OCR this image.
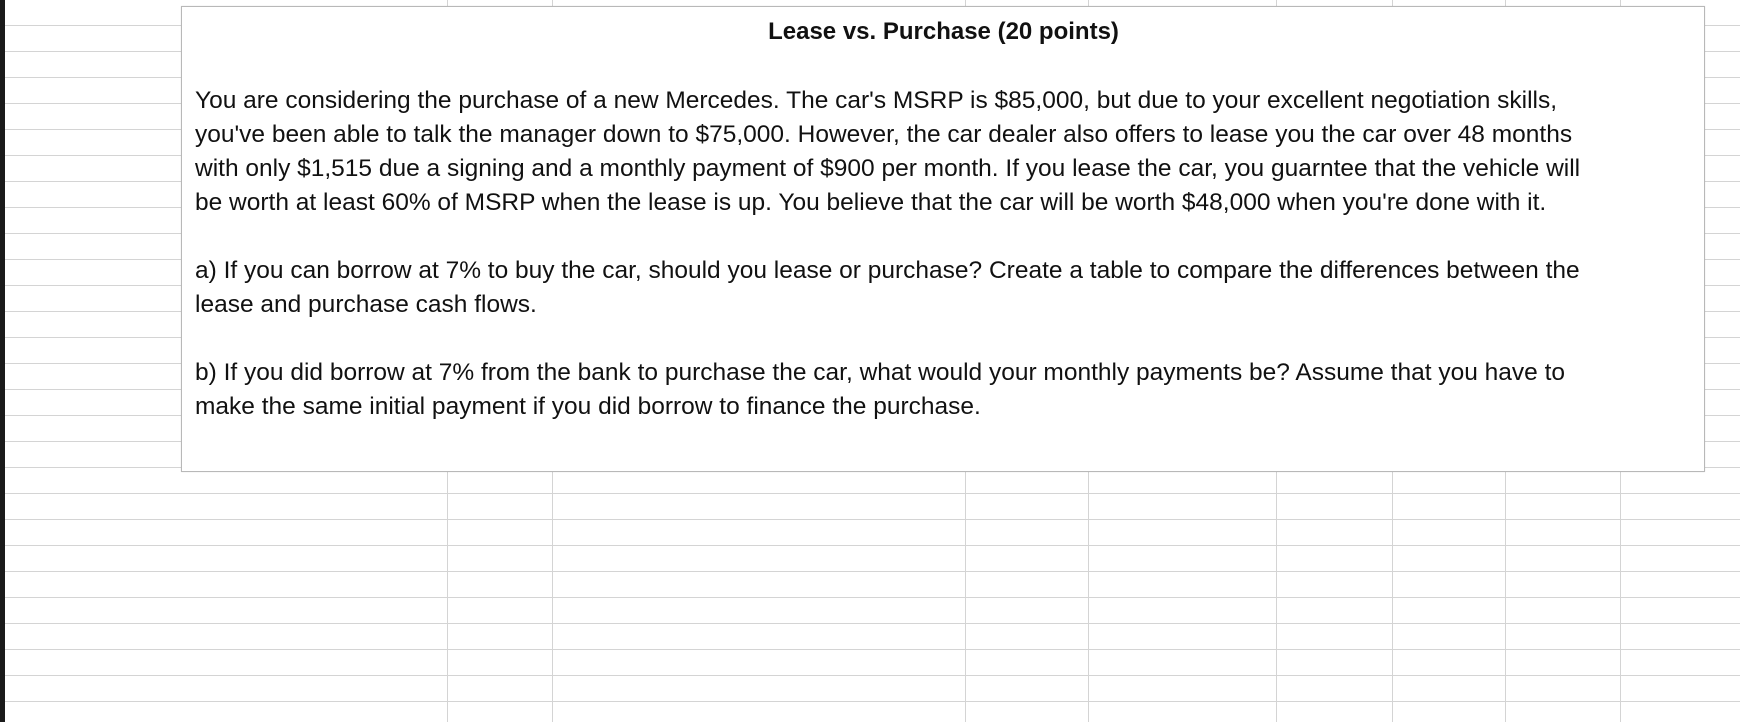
Lease vs. Purchase (20 points)

You are considering the purchase of a new Mercedes. The car's MSRP is $85,000, but due to your excellent negotiation skills,
you've been able to talk the manager down to $75,000. However, the car dealer also offers to lease you the car over 48 months
with only $1,515 due a signing and a monthly payment of $900 per month. If you lease the car, you guarntee that the vehicle will
be worth at least 60% of MSRP when the lease is up. You believe that the car will be worth $48,000 when you're done with it.

a) If you can borrow at 7% to buy the car, should you lease or purchase? Create a table to compare the differences between the
lease and purchase cash flows.

b) If you did borrow at 7% from the bank to purchase the car, what would your monthly payments be? Assume that you have to
make the same initial payment if you did borrow to finance the purchase.
